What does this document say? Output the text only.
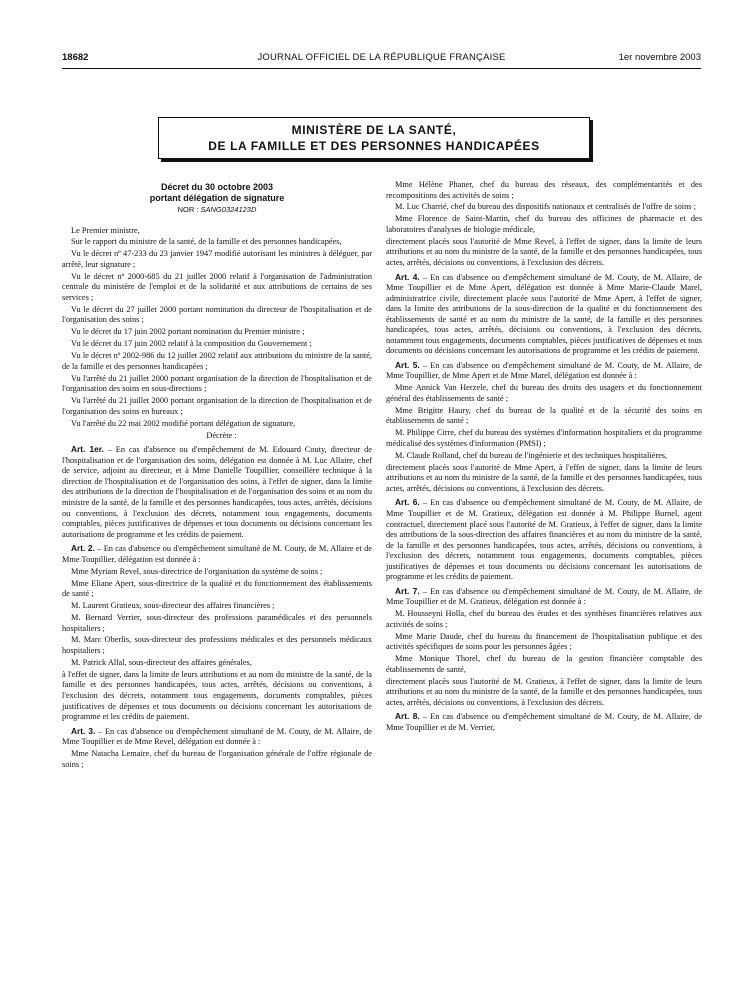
18682	JOURNAL OFFICIEL DE LA RÉPUBLIQUE FRANÇAISE	1er novembre 2003
MINISTÈRE DE LA SANTÉ,
DE LA FAMILLE ET DES PERSONNES HANDICAPÉES
Décret du 30 octobre 2003
portant délégation de signature
NOR : SANG0324123D

Le Premier ministre,

Sur le rapport du ministre de la santé, de la famille et des personnes handicapées,

Vu le décret nº 47-233 du 23 janvier 1947 modifié autorisant les ministres à déléguer, par arrêté, leur signature ;

Vu le décret nº 2000-685 du 21 juillet 2000 relatif à l'organisation de l'administration centrale du ministère de l'emploi et de la solidarité et aux attributions de certains de ses services ;

Vu le décret du 27 juillet 2000 portant nomination du directeur de l'hospitalisation et de l'organisation des soins ;

Vu le décret du 17 juin 2002 portant nomination du Premier ministre ;

Vu le décret du 17 juin 2002 relatif à la composition du Gouvernement ;

Vu le décret nº 2002-986 du 12 juillet 2002 relatif aux attributions du ministre de la santé, de la famille et des personnes handicapées ;

Vu l'arrêté du 21 juillet 2000 portant organisation de la direction de l'hospitalisation et de l'organisation des soins en sous-directions ;

Vu l'arrêté du 21 juillet 2000 portant organisation de la direction de l'hospitalisation et de l'organisation des soins en bureaux ;

Vu l'arrêté du 22 mai 2002 modifié portant délégation de signature,

Décrète :

Art. 1er. – En cas d'absence ou d'empêchement de M. Edouard Couty, directeur de l'hospitalisation et de l'organisation des soins, délégation est donnée à M. Luc Allaire, chef de service, adjoint au directeur, et à Mme Danielle Toupillier, conseillère technique à la direction de l'hospitalisation et de l'organisation des soins, à l'effet de signer, dans la limite des attributions de la direction de l'hospitalisation et de l'organisation des soins et au nom du ministre de la santé, de la famille et des personnes handicapées, tous actes, arrêtés, décisions ou conventions, à l'exclusion des décrets, notamment tous engagements, documents comptables, pièces justificatives de dépenses et tous documents ou décisions concernant les autorisations de programme et les crédits de paiement.

Art. 2. – En cas d'absence ou d'empêchement simultané de M. Couty, de M. Allaire et de Mme Toupillier, délégation est donnée à :

Mme Myriam Revel, sous-directrice de l'organisation du système de soins ;

Mme Eliane Apert, sous-directrice de la qualité et du fonctionnement des établissements de santé ;

M. Laurent Gratieux, sous-directeur des affaires financières ;

M. Bernard Verrier, sous-directeur des professions paramédicales et des personnels hospitaliers ;

M. Marc Oberlis, sous-directeur des professions médicales et des personnels médicaux hospitaliers ;

M. Patrick Allal, sous-directeur des affaires générales,

à l'effet de signer, dans la limite de leurs attributions et au nom du ministre de la santé, de la famille et des personnes handicapées, tous actes, arrêtés, décisions ou conventions, à l'exclusion des décrets, notamment tous engagements, documents comptables, pièces justificatives de dépenses et tous documents ou décisions concernant les autorisations de programme et les crédits de paiement.

Art. 3. – En cas d'absence ou d'empêchement simultané de M. Couty, de M. Allaire, de Mme Toupillier et de Mme Revel, délégation est donnée à :

Mme Natacha Lemaire, chef du bureau de l'organisation générale de l'offre régionale de soins ;

Mme Hélène Phaner, chef du bureau des réseaux, des complémentarités et des recompositions des activités de soins ;

M. Luc Charrié, chef du bureau des dispositifs nationaux et centralisés de l'offre de soins ;

Mme Florence de Saint-Martin, chef du bureau des officines de pharmacie et des laboratoires d'analyses de biologie médicale,

directement placés sous l'autorité de Mme Revel, à l'effet de signer, dans la limite de leurs attributions et au nom du ministre de la santé, de la famille et des personnes handicapées, tous actes, arrêtés, décisions ou conventions, à l'exclusion des décrets.

Art. 4. – En cas d'absence ou d'empêchement simultané de M. Couty, de M. Allaire, de Mme Toupillier et de Mme Apert, délégation est donnée à Mme Marie-Claude Marel, administratrice civile, directement placée sous l'autorité de Mme Apert, à l'effet de signer, dans la limite des attributions de la sous-direction de la qualité et du fonctionnement des établissements de santé et au nom du ministre de la santé, de la famille et des personnes handicapées, tous actes, arrêtés, décisions ou conventions, à l'exclusion des décrets, notamment tous engagements, documents comptables, pièces justificatives de dépenses et tous documents ou décisions concernant les autorisations de programme et les crédits de paiement.

Art. 5. – En cas d'absence ou d'empêchement simultané de M. Couty, de M. Allaire, de Mme Toupillier, de Mme Apert et de Mme Marel, délégation est donnée à :

Mme Annick Van Herzele, chef du bureau des droits des usagers et du fonctionnement général des établissements de santé ;

Mme Brigitte Haury, chef du bureau de la qualité et de la sécurité des soins en établissements de santé ;

M. Philippe Cirre, chef du bureau des systèmes d'information hospitaliers et du programme médicalisé des systèmes d'information (PMSI) ;

M. Claude Rolland, chef du bureau de l'ingénierie et des techniques hospitalières,

directement placés sous l'autorité de Mme Apert, à l'effet de signer, dans la limite de leurs attributions et au nom du ministre de la santé, de la famille et des personnes handicapées, tous actes, arrêtés, décisions ou conventions, à l'exclusion des décrets.

Art. 6. – En cas d'absence ou d'empêchement simultané de M. Couty, de M. Allaire, de Mme Toupillier et de M. Gratieux, délégation est donnée à M. Philippe Burnel, agent contractuel, directement placé sous l'autorité de M. Gratieux, à l'effet de signer, dans la limite des attributions de la sous-direction des affaires financières et au nom du ministre de la santé, de la famille et des personnes handicapées, tous actes, arrêtés, décisions ou conventions, à l'exclusion des décrets, notamment tous engagements, documents comptables, pièces justificatives de dépenses et tous documents ou décisions concernant les autorisations de programme et les crédits de paiement.

Art. 7. – En cas d'absence ou d'empêchement simultané de M. Couty, de M. Allaire, de Mme Toupillier et de M. Gratieux, délégation est donnée à :

M. Housseyni Holla, chef du bureau des études et des synthèses financières relatives aux activités de soins ;

Mme Marie Daude, chef du bureau du financement de l'hospitalisation publique et des activités spécifiques de soins pour les personnes âgées ;

Mme Monique Thorel, chef du bureau de la gestion financière comptable des établissements de santé,

directement placés sous l'autorité de M. Gratieux, à l'effet de signer, dans la limite de leurs attributions et au nom du ministre de la santé, de la famille et des personnes handicapées, tous actes, arrêtés, décisions ou conventions, à l'exclusion des décrets.

Art. 8. – En cas d'absence ou d'empêchement simultané de M. Couty, de M. Allaire, de Mme Toupillier et de M. Verrier,
